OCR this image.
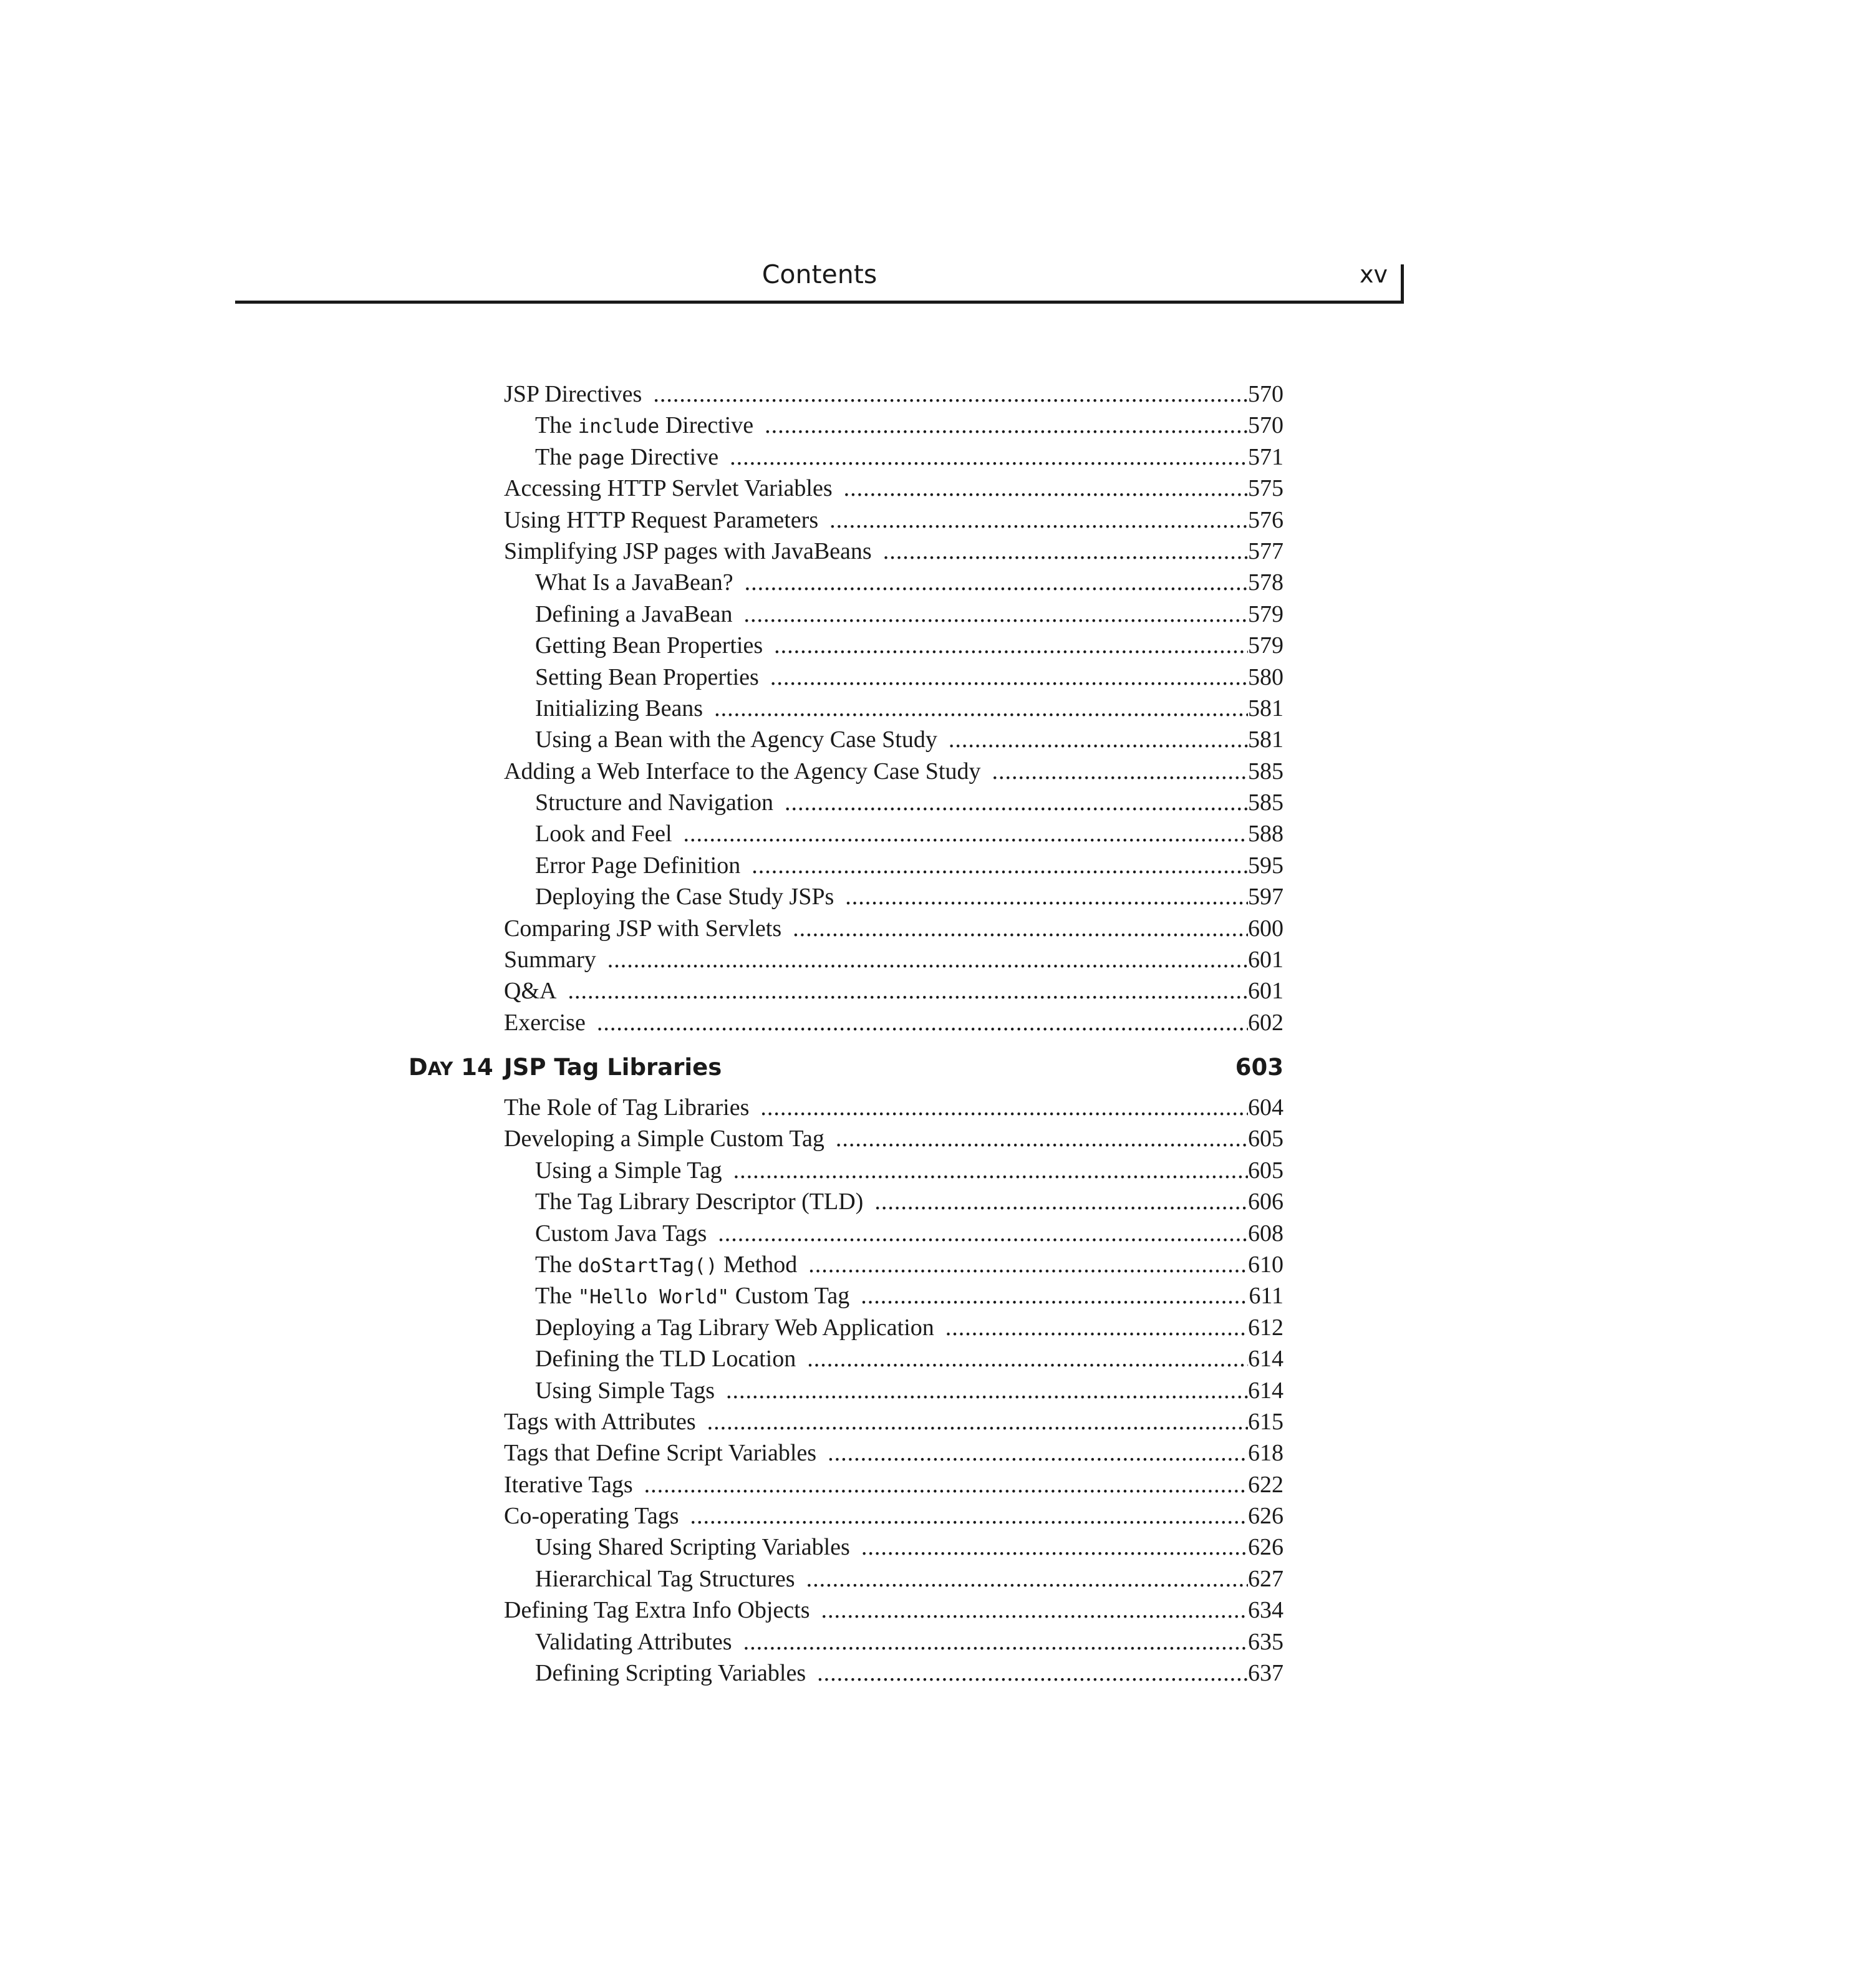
Contents	xv
JSP Directives .....	570
The include Directive .....	570
The page Directive .....	571
Accessing HTTP Servlet Variables .....	575
Using HTTP Request Parameters .....	576
Simplifying JSP pages with JavaBeans .....	577
What Is a JavaBean? .....	578
Defining a JavaBean .....	579
Getting Bean Properties .....	579
Setting Bean Properties .....	580
Initializing Beans .....	581
Using a Bean with the Agency Case Study .....	581
Adding a Web Interface to the Agency Case Study .....	585
Structure and Navigation .....	585
Look and Feel .....	588
Error Page Definition .....	595
Deploying the Case Study JSPs .....	597
Comparing JSP with Servlets .....	600
Summary .....	601
Q&A .....	601
Exercise .....	602
DAY 14 JSP Tag Libraries	603
The Role of Tag Libraries .....	604
Developing a Simple Custom Tag .....	605
Using a Simple Tag .....	605
The Tag Library Descriptor (TLD) .....	606
Custom Java Tags .....	608
The doStartTag() Method .....	610
The "Hello World" Custom Tag .....	611
Deploying a Tag Library Web Application .....	612
Defining the TLD Location .....	614
Using Simple Tags .....	614
Tags with Attributes .....	615
Tags that Define Script Variables .....	618
Iterative Tags .....	622
Co-operating Tags .....	626
Using Shared Scripting Variables .....	626
Hierarchical Tag Structures .....	627
Defining Tag Extra Info Objects .....	634
Validating Attributes .....	635
Defining Scripting Variables .....	637
